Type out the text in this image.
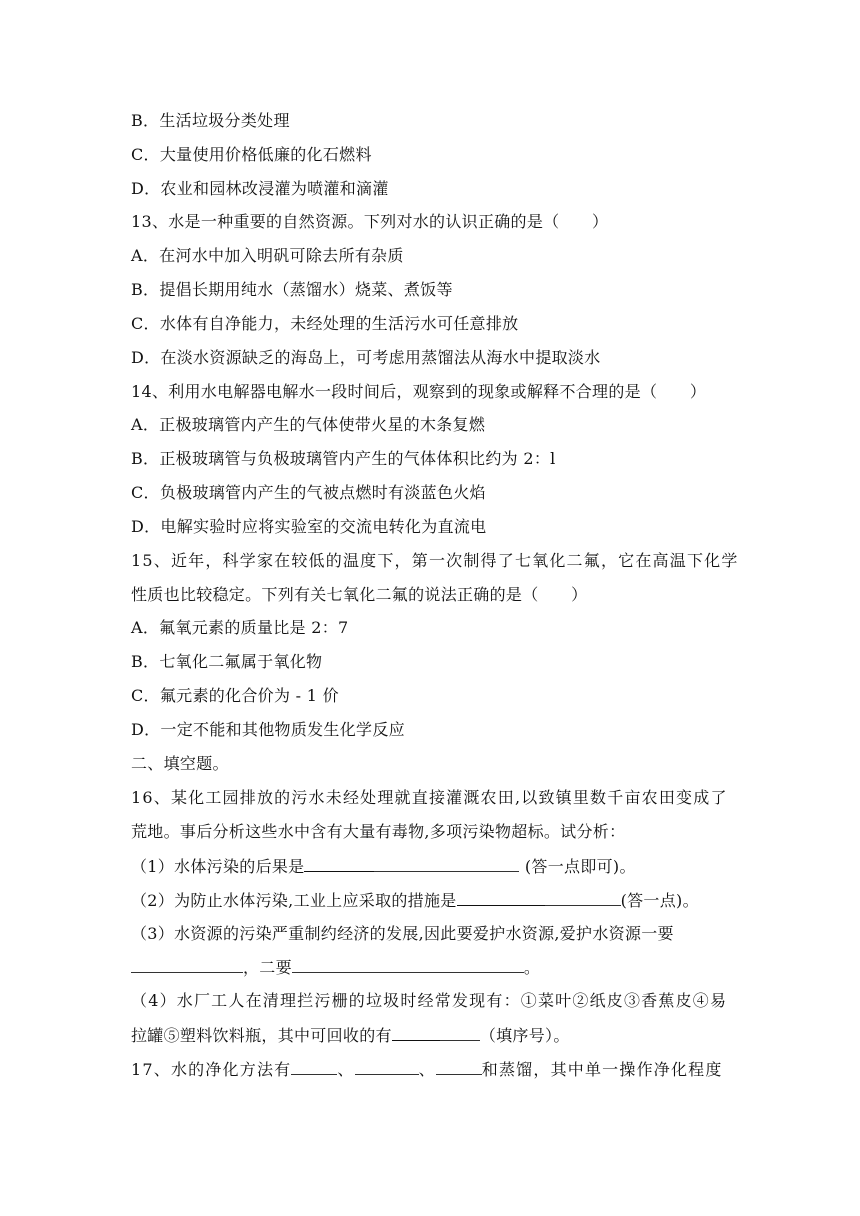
B．生活垃圾分类处理
C．大量使用价格低廉的化石燃料
D．农业和园林改浸灌为喷灌和滴灌
13、水是一种重要的自然资源。下列对水的认识正确的是（　　）
A．在河水中加入明矾可除去所有杂质
B．提倡长期用纯水（蒸馏水）烧菜、煮饭等
C．水体有自净能力，未经处理的生活污水可任意排放
D．在淡水资源缺乏的海岛上，可考虑用蒸馏法从海水中提取淡水
14、利用水电解器电解水一段时间后，观察到的现象或解释不合理的是（　　）
A．正极玻璃管内产生的气体使带火星的木条复燃
B．正极玻璃管与负极玻璃管内产生的气体体积比约为 2：l
C．负极玻璃管内产生的气被点燃时有淡蓝色火焰
D．电解实验时应将实验室的交流电转化为直流电
15、近年，科学家在较低的温度下，第一次制得了七氧化二氟，它在高温下化学
性质也比较稳定。下列有关七氧化二氟的说法正确的是（　　）
A．氟氧元素的质量比是 2：7
B．七氧化二氟属于氧化物
C．氟元素的化合价为 - 1 价
D．一定不能和其他物质发生化学反应
二、填空题。
16、某化工园排放的污水未经处理就直接灌溉农田,以致镇里数千亩农田变成了
荒地。事后分析这些水中含有大量有毒物,多项污染物超标。试分析：
（1）水体污染的后果是	(答一点即可)。
（2）为防止水体污染,工业上应采取的措施是	(答一点)。
（3）水资源的污染严重制约经济的发展,因此要爱护水资源,爱护水资源一要
，二要	。
（4）水厂工人在清理拦污栅的垃圾时经常发现有：①菜叶②纸皮③香蕉皮④易
拉罐⑤塑料饮料瓶，其中可回收的有	（填序号）。
17、水的净化方法有	、	、	和蒸馏，其中单一操作净化程度
